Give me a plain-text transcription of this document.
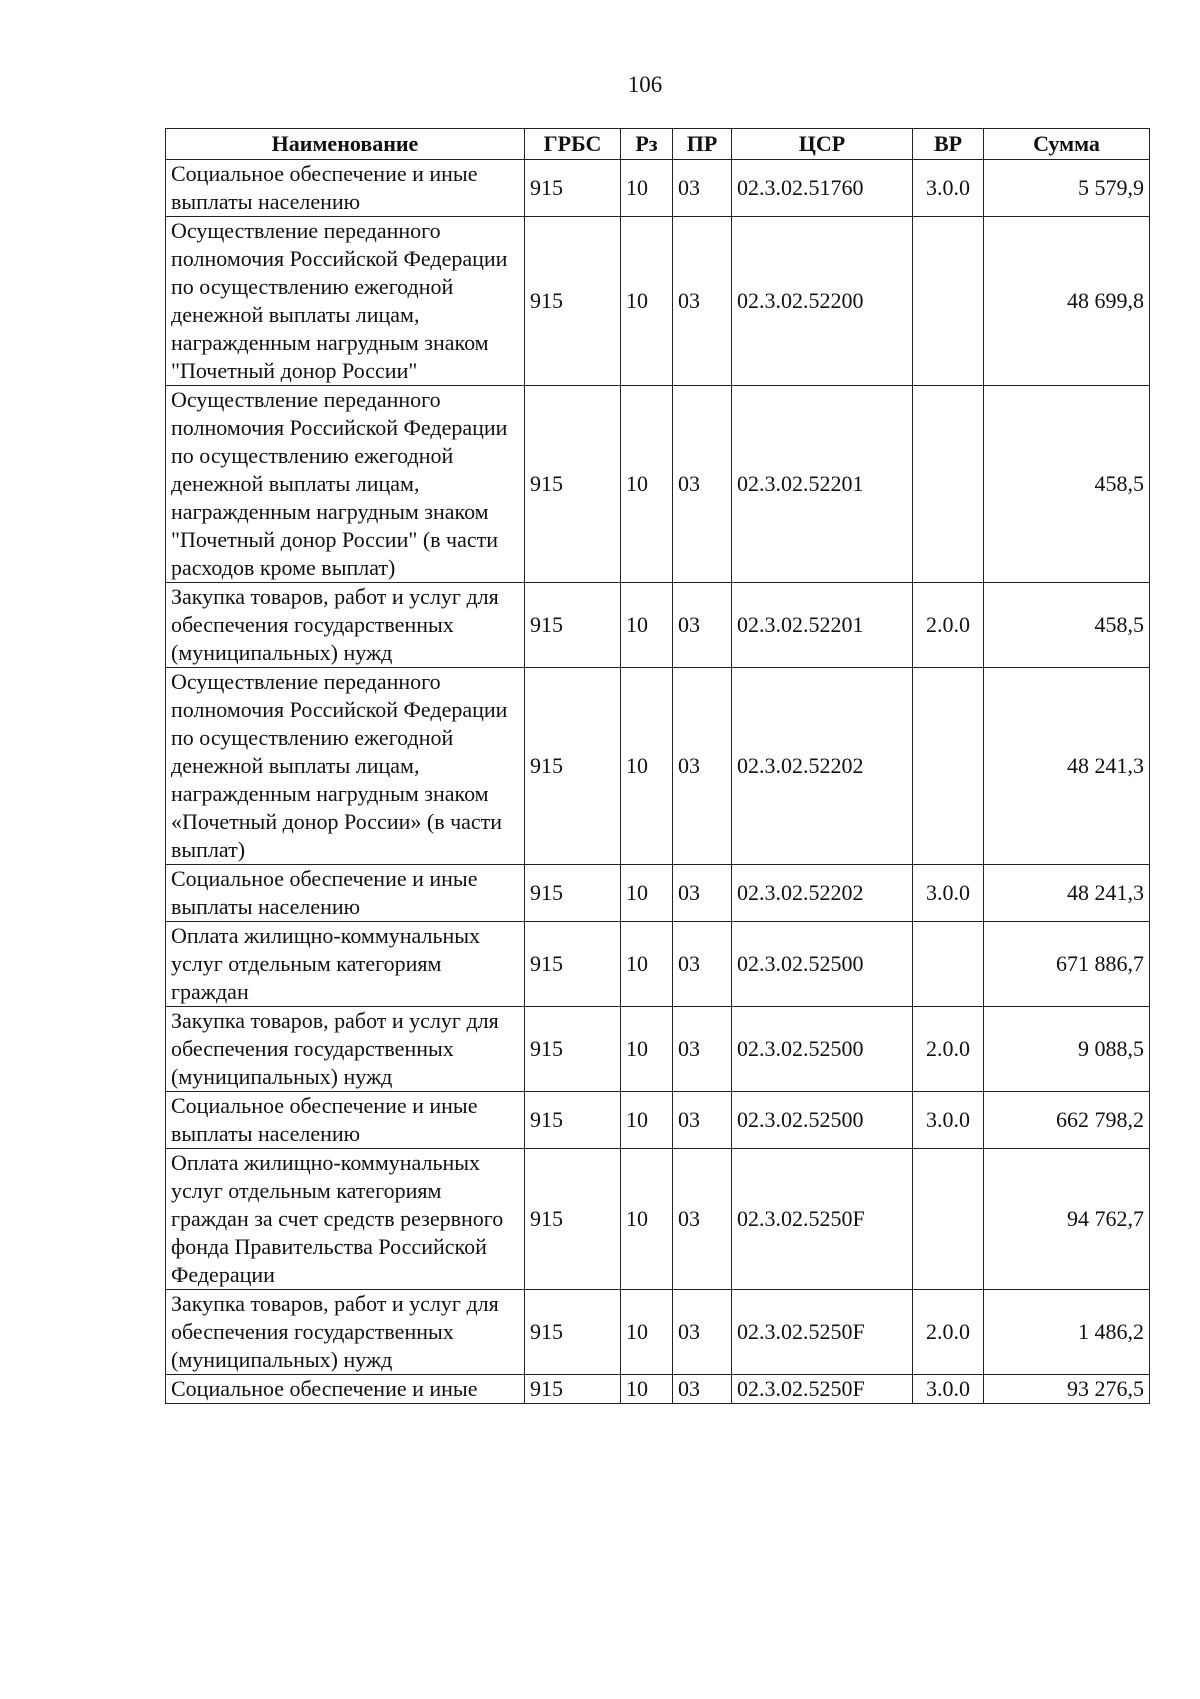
106
Наименование	ГРБС	Рз	ПР	ЦСР	ВР	Сумма
Социальное обеспечение и иные выплаты населению	915	10	03	02.3.02.51760	3.0.0	5 579,9
Осуществление переданного полномочия Российской Федерации по осуществлению ежегодной денежной выплаты лицам, награжденным нагрудным знаком "Почетный донор России"	915	10	03	02.3.02.52200		48 699,8
Осуществление переданного полномочия Российской Федерации по осуществлению ежегодной денежной выплаты лицам, награжденным нагрудным знаком "Почетный донор России" (в части расходов кроме выплат)	915	10	03	02.3.02.52201		458,5
Закупка товаров, работ и услуг для обеспечения государственных (муниципальных) нужд	915	10	03	02.3.02.52201	2.0.0	458,5
Осуществление переданного полномочия Российской Федерации по осуществлению ежегодной денежной выплаты лицам, награжденным нагрудным знаком «Почетный донор России» (в части выплат)	915	10	03	02.3.02.52202		48 241,3
Социальное обеспечение и иные выплаты населению	915	10	03	02.3.02.52202	3.0.0	48 241,3
Оплата жилищно-коммунальных услуг отдельным категориям граждан	915	10	03	02.3.02.52500		671 886,7
Закупка товаров, работ и услуг для обеспечения государственных (муниципальных) нужд	915	10	03	02.3.02.52500	2.0.0	9 088,5
Социальное обеспечение и иные выплаты населению	915	10	03	02.3.02.52500	3.0.0	662 798,2
Оплата жилищно-коммунальных услуг отдельным категориям граждан за счет средств резервного фонда Правительства Российской Федерации	915	10	03	02.3.02.5250F		94 762,7
Закупка товаров, работ и услуг для обеспечения государственных (муниципальных) нужд	915	10	03	02.3.02.5250F	2.0.0	1 486,2
Социальное обеспечение и иные	915	10	03	02.3.02.5250F	3.0.0	93 276,5
